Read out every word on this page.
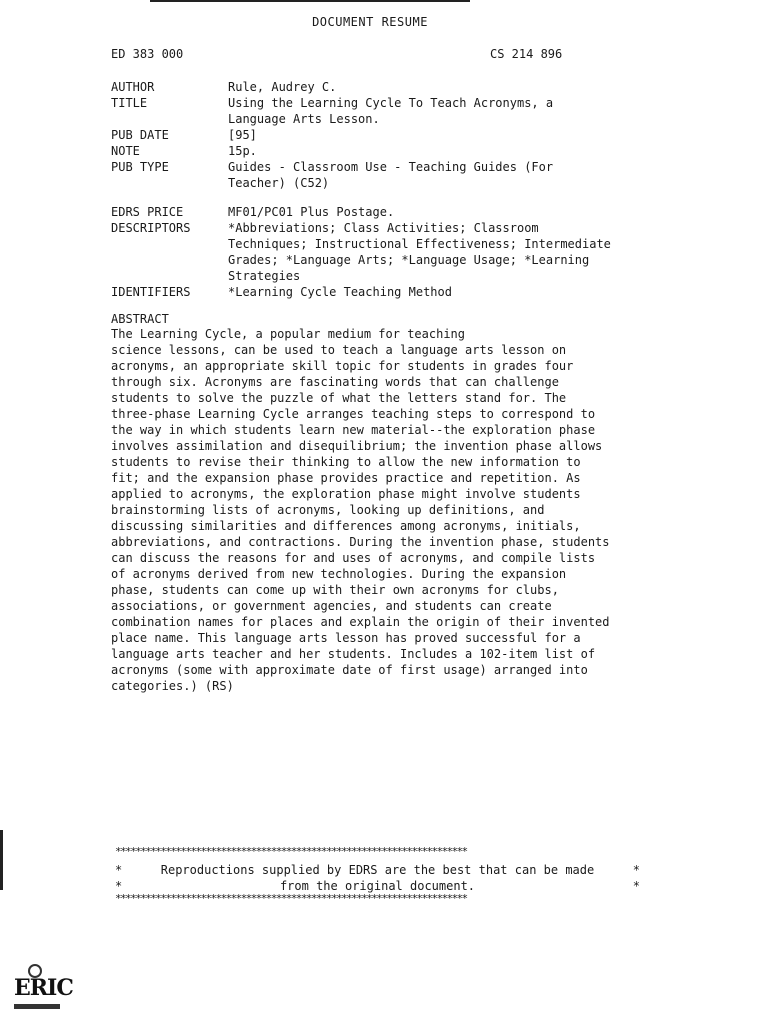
DOCUMENT RESUME
ED 383 000	CS 214 896
AUTHOR	Rule, Audrey C.
TITLE	Using the Learning Cycle To Teach Acronyms, a
Language Arts Lesson.
PUB DATE	[95]
NOTE	15p.
PUB TYPE	Guides - Classroom Use - Teaching Guides (For
Teacher) (C52)
EDRS PRICE	MF01/PC01 Plus Postage.
DESCRIPTORS	*Abbreviations; Class Activities; Classroom
Techniques; Instructional Effectiveness; Intermediate
Grades; *Language Arts; *Language Usage; *Learning
Strategies
IDENTIFIERS	*Learning Cycle Teaching Method
ABSTRACT
The Learning Cycle, a popular medium for teaching
science lessons, can be used to teach a language arts lesson on
acronyms, an appropriate skill topic for students in grades four
through six. Acronyms are fascinating words that can challenge
students to solve the puzzle of what the letters stand for. The
three-phase Learning Cycle arranges teaching steps to correspond to
the way in which students learn new material--the exploration phase
involves assimilation and disequilibrium; the invention phase allows
students to revise their thinking to allow the new information to
fit; and the expansion phase provides practice and repetition. As
applied to acronyms, the exploration phase might involve students
brainstorming lists of acronyms, looking up definitions, and
discussing similarities and differences among acronyms, initials,
abbreviations, and contractions. During the invention phase, students
can discuss the reasons for and uses of acronyms, and compile lists
of acronyms derived from new technologies. During the expansion
phase, students can come up with their own acronyms for clubs,
associations, or government agencies, and students can create
combination names for places and explain the origin of their invented
place name. This language arts lesson has proved successful for a
language arts teacher and her students. Includes a 102-item list of
acronyms (some with approximate date of first usage) arranged into
categories.) (RS)
**********************************************************************
*	Reproductions supplied by EDRS are the best that can be made	*
*	from the original document.	*
**********************************************************************
ERIC
